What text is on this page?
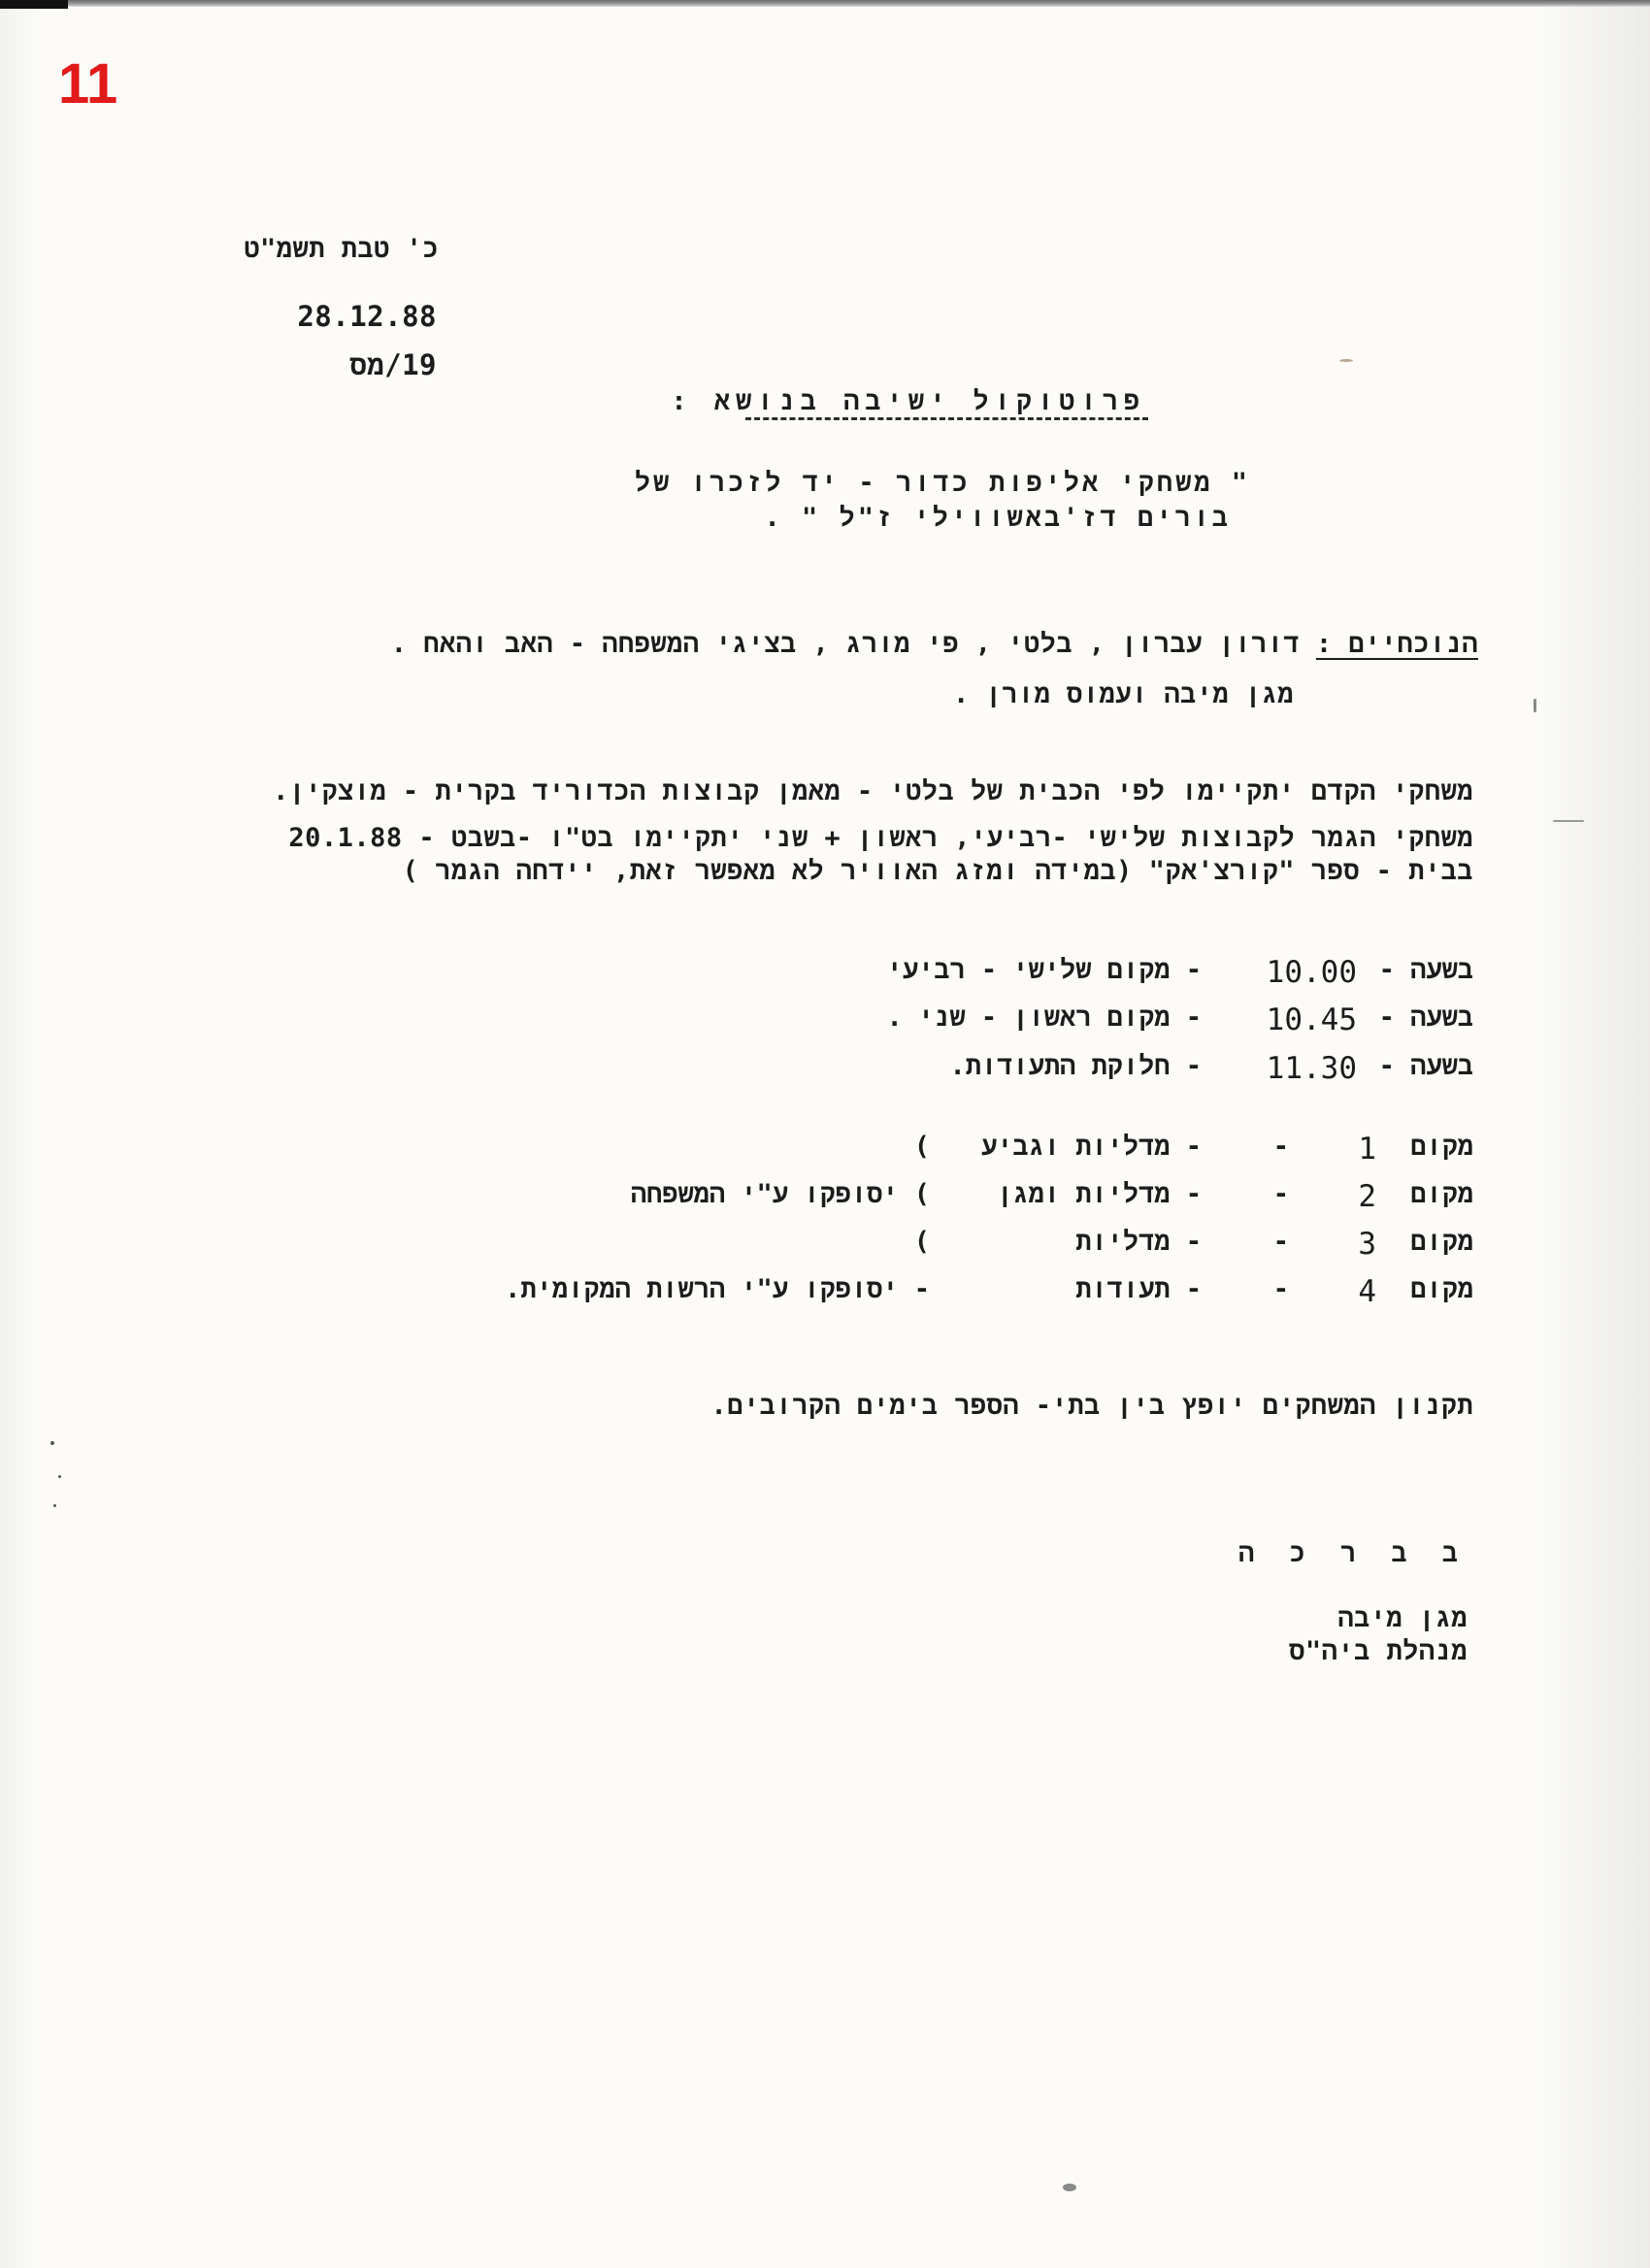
11
כ' טבת תשמ"ט
28.12.88
19/מס
פרוטוקול ישיבה בנושא :
" משחקי אליפות כדור - יד לזכרו של
בורים דז'באשווילי ז"ל " .
הנוכחיים : דורון עברון , בלטי , פי מורג , בציגי המשפחה - האב והאח .
מגן מיבה ועמוס מורן .
משחקי הקדם יתקיימו לפי הכבית של בלטי - מאמן קבוצות הכדוריד בקרית - מוצקין.
משחקי הגמר לקבוצות שלישי -רביעי, ראשון + שני יתקיימו בט"ו -בשבט - 20.1.88
בבית - ספר "קורצ'אק" (במידה ומזג האוויר לא מאפשר זאת, יידחה הגמר )
בשעה -
10.00
- מקום שלישי - רביעי
בשעה -
10.45
- מקום ראשון - שני .
בשעה -
11.30
- חלוקת התעודות.
מקום
1
-
- מדליות וגביע
)
מקום
2
-
- מדליות ומגן
) יסופקו ע"י המשפחה
מקום
3
-
- מדליות
)
מקום
4
-
- תעודות
- יסופקו ע"י הרשות המקומית.
תקנון המשחקים יופץ בין בתי- הספר בימים הקרובים.
ב ב ר כ ה
מגן מיבה
מנהלת ביה"ס
